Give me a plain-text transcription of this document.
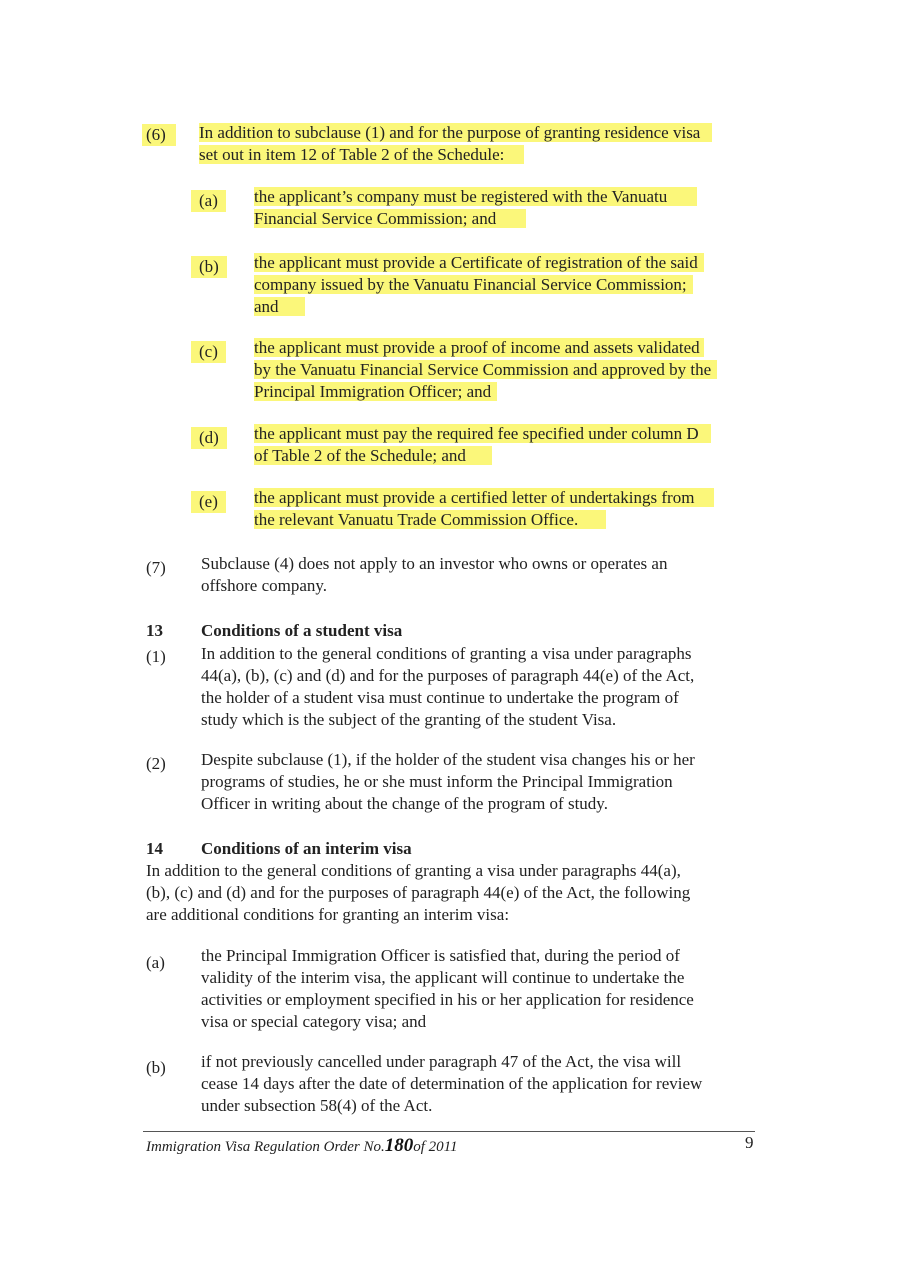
(6)	In addition to subclause (1) and for the purpose of granting residence visa
set out in item 12 of Table 2 of the Schedule:
(a)	the applicant’s company must be registered with the Vanuatu
Financial Service Commission; and
(b)	the applicant must provide a Certificate of registration of the said
company issued by the Vanuatu Financial Service Commission;
and
(c)	the applicant must provide a proof of income and assets validated
by the Vanuatu Financial Service Commission and approved by the
Principal Immigration Officer; and
(d)	the applicant must pay the required fee specified under column D
of Table 2 of the Schedule; and
(e)	the applicant must provide a certified letter of undertakings from
the relevant Vanuatu Trade Commission Office.
(7) Subclause (4) does not apply to an investor who owns or operates an
offshore company.
13 Conditions of a student visa
(1) In addition to the general conditions of granting a visa under paragraphs
44(a), (b), (c) and (d) and for the purposes of paragraph 44(e) of the Act,
the holder of a student visa must continue to undertake the program of
study which is the subject of the granting of the student Visa.
(2) Despite subclause (1), if the holder of the student visa changes his or her
programs of studies, he or she must inform the Principal Immigration
Officer in writing about the change of the program of study.
14 Conditions of an interim visa
In addition to the general conditions of granting a visa under paragraphs 44(a),
(b), (c) and (d) and for the purposes of paragraph 44(e) of the Act, the following
are additional conditions for granting an interim visa:
(a) the Principal Immigration Officer is satisfied that, during the period of
validity of the interim visa, the applicant will continue to undertake the
activities or employment specified in his or her application for residence
visa or special category visa; and
(b) if not previously cancelled under paragraph 47 of the Act, the visa will
cease 14 days after the date of determination of the application for review
under subsection 58(4) of the Act.
Immigration Visa Regulation Order No.180of 2011	9
